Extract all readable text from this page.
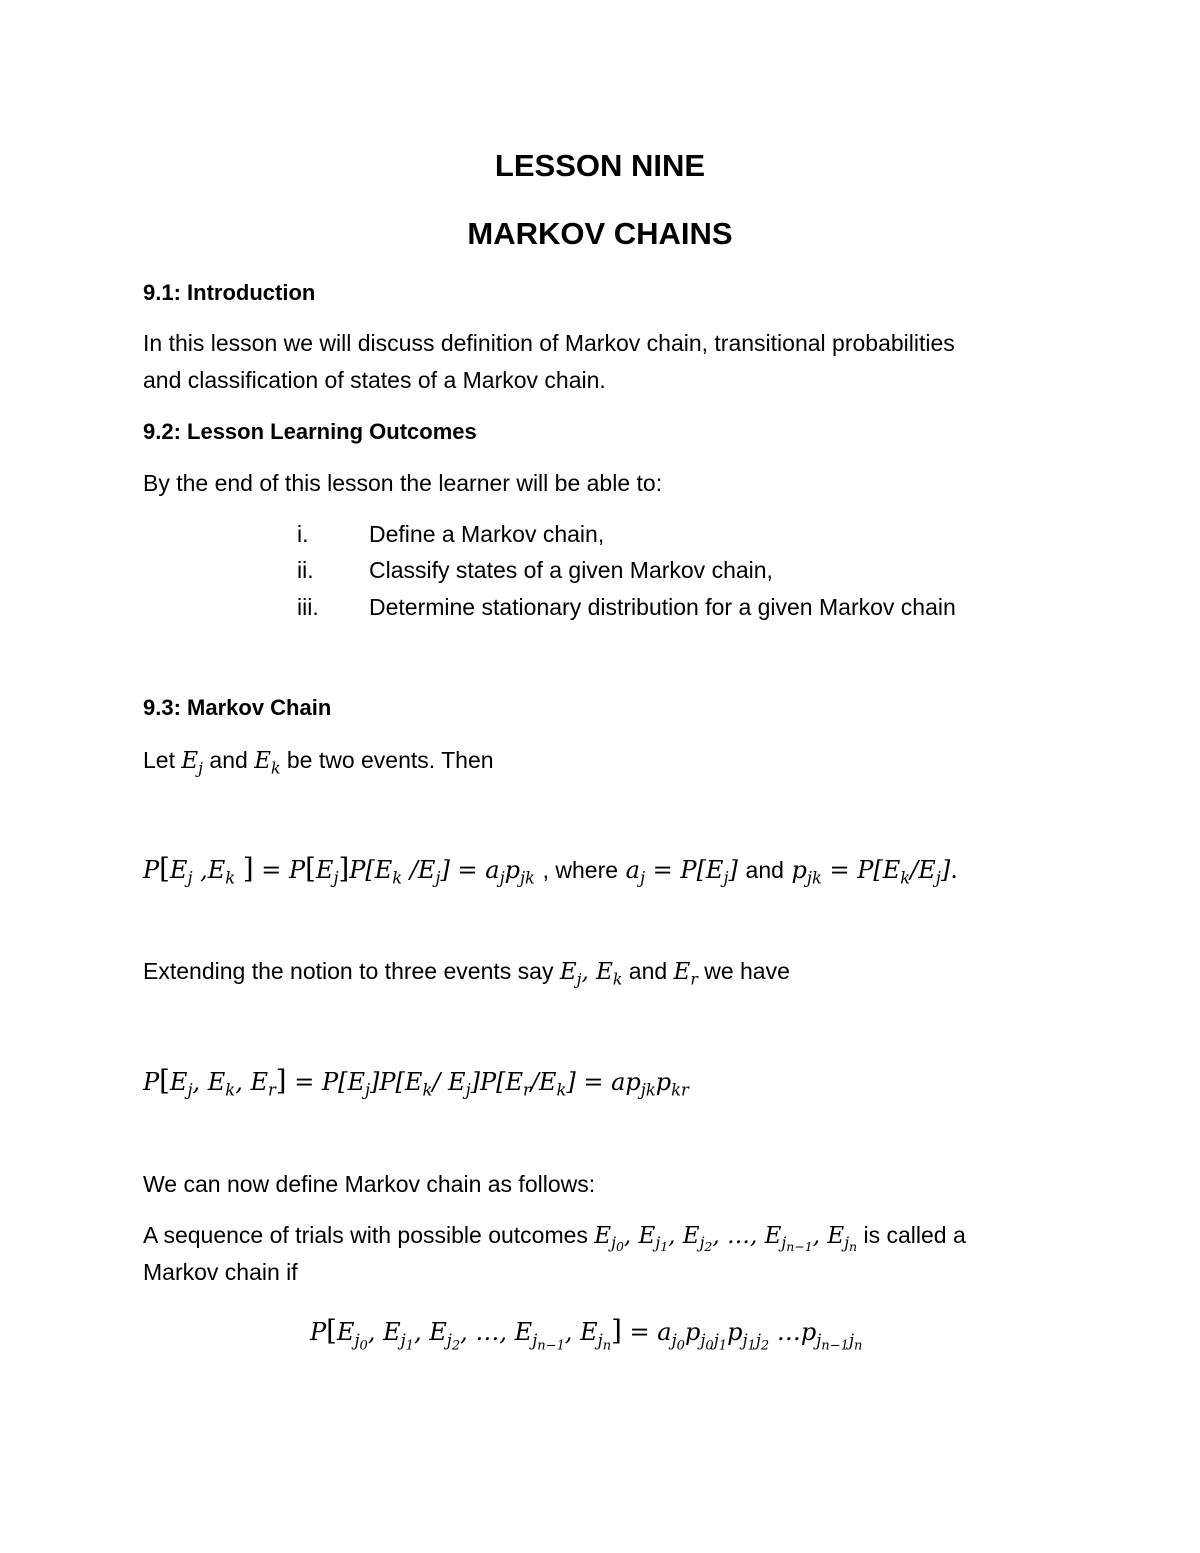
LESSON NINE
MARKOV CHAINS
9.1: Introduction
In this lesson we will discuss definition of Markov chain, transitional probabilities
and classification of states of a Markov chain.
9.2: Lesson Learning Outcomes
By the end of this lesson the learner will be able to:
i.	Define a Markov chain,
ii. Classify states of a given Markov chain,
iii. Determine stationary distribution for a given Markov chain
9.3: Markov Chain
Let $E_j$ and $E_k$ be two events. Then
$P[E_j$ $,E_k$ ] = $P[E_j]P[E_k$ $/E_j] = a_jp_{jk}$ , where $a_j = P[E_j]$ and $p_{jk} = P[E_k/E_j]$.
Extending the notion to three events say $E_j$, $E_k$ and $E_r$ we have
$P[E_j$, $E_k$, $E_r] = P[E_j]P[E_k/$ $E_j]P[E_r/E_k] = ap_{jk}p_{kr}$
We can now define Markov chain as follows:
A sequence of trials with possible outcomes $E_{j_0}$, $E_{j_1}$, $E_{j_2}$, …, $E_{j_{n-1}}$, $E_{j_n}$ is called a
Markov chain if
$P[E_{j_0}$, $E_{j_1}$, $E_{j_2}$, …, $E_{j_{n-1}}$, $E_{j_n}] = a_{j_0}p_{j_0j_1}p_{j_1j_2}$ $\dots p_{j_{n-1}j_n}$
